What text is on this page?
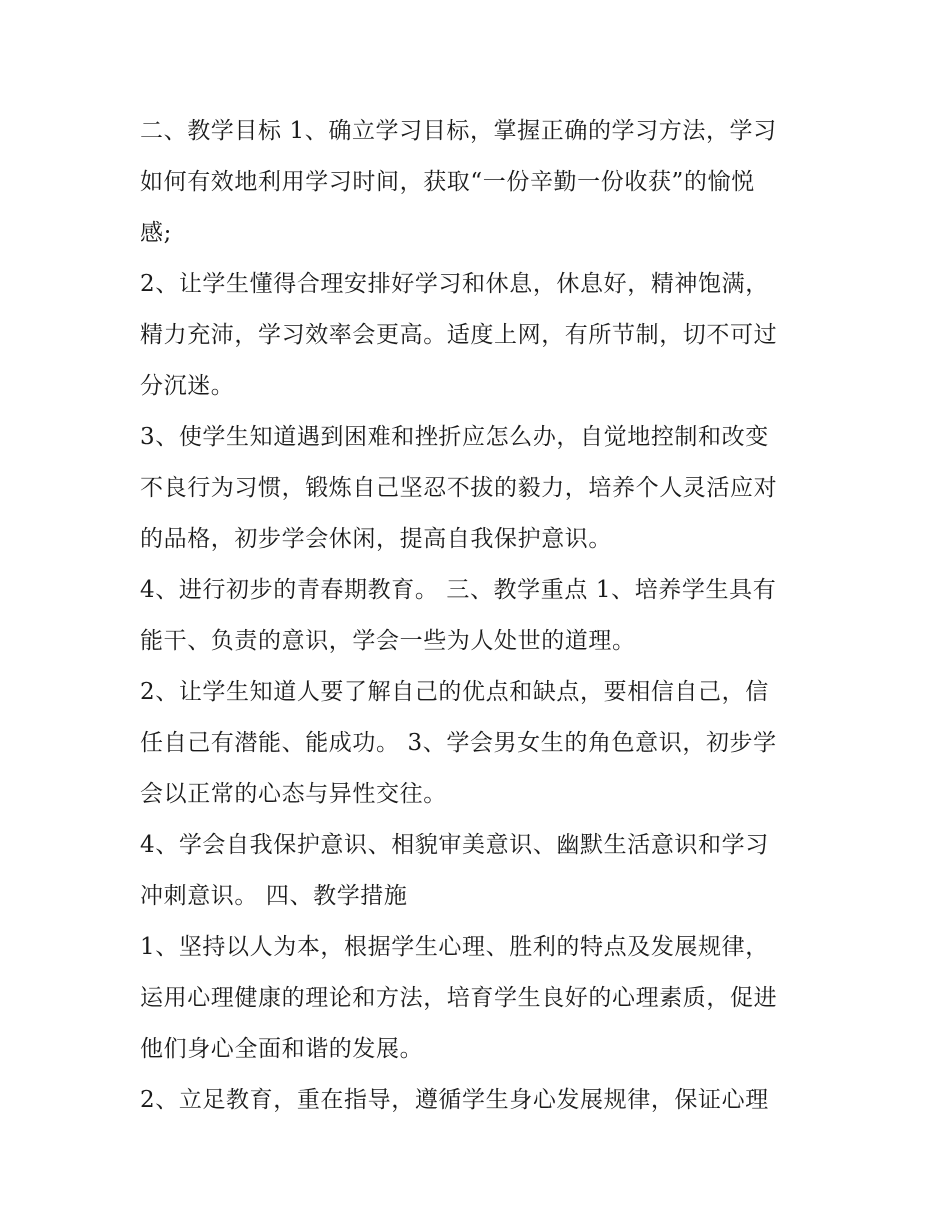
二、教学目标 1、确立学习目标，掌握正确的学习方法，学习
如何有效地利用学习时间，获取“一份辛勤一份收获”的愉悦
感;
2、让学生懂得合理安排好学习和休息，休息好，精神饱满，
精力充沛，学习效率会更高。适度上网，有所节制，切不可过
分沉迷。
3、使学生知道遇到困难和挫折应怎么办，自觉地控制和改变
不良行为习惯，锻炼自己坚忍不拔的毅力，培养个人灵活应对
的品格，初步学会休闲，提高自我保护意识。
4、进行初步的青春期教育。 三、教学重点 1、培养学生具有
能干、负责的意识，学会一些为人处世的道理。
2、让学生知道人要了解自己的优点和缺点，要相信自己，信
任自己有潜能、能成功。 3、学会男女生的角色意识，初步学
会以正常的心态与异性交往。
4、学会自我保护意识、相貌审美意识、幽默生活意识和学习
冲刺意识。 四、教学措施
1、坚持以人为本，根据学生心理、胜利的特点及发展规律，
运用心理健康的理论和方法，培育学生良好的心理素质，促进
他们身心全面和谐的发展。
2、立足教育，重在指导，遵循学生身心发展规律，保证心理
